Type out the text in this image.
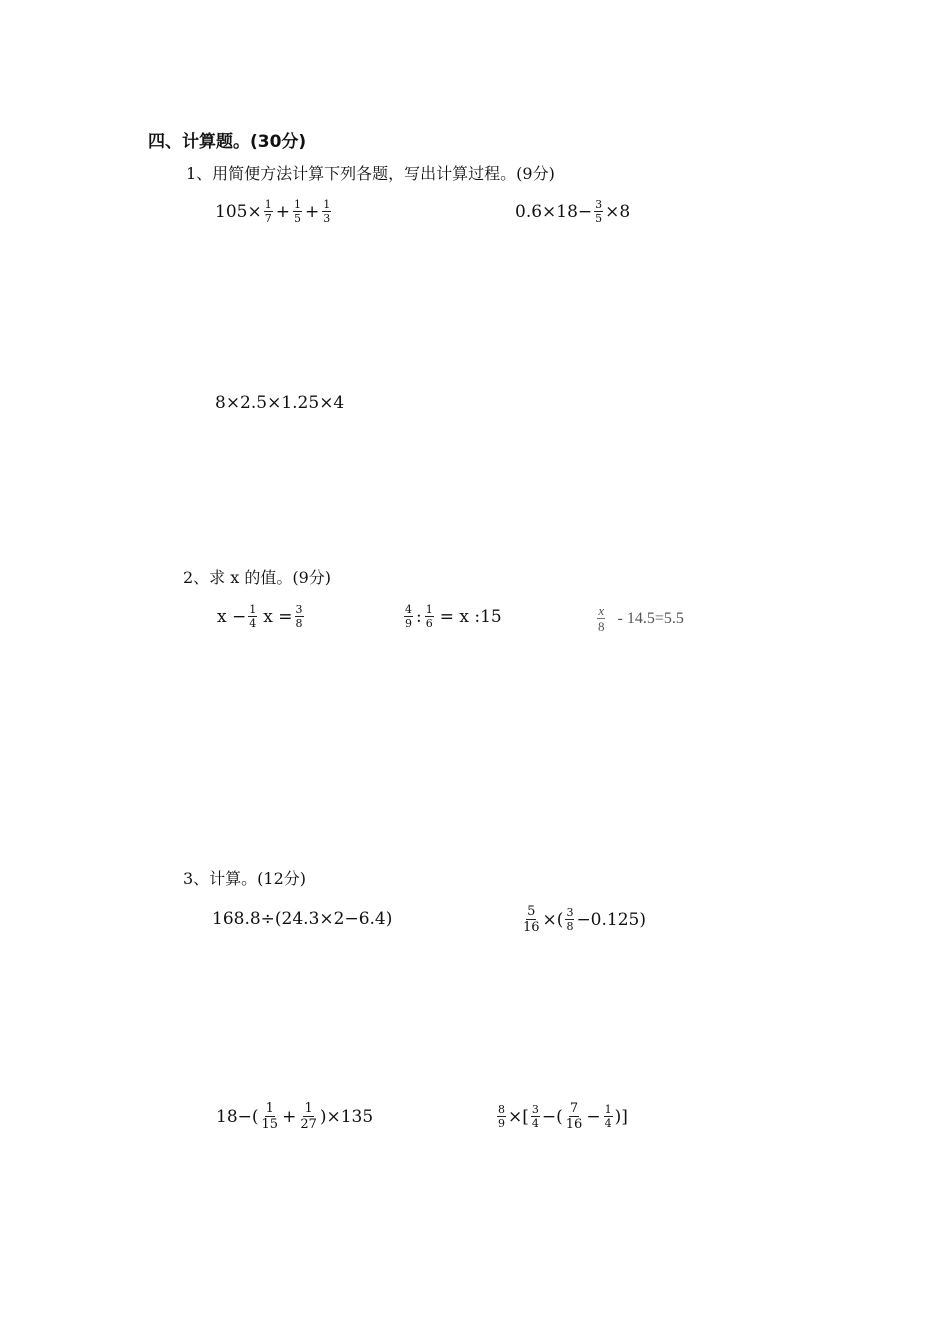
四、计算题。(30分)
1、用简便方法计算下列各题，写出计算过程。(9分)
$105\times \frac{1}{7} + \frac{1}{5} + \frac{1}{3}$	$0.6\times 18- \frac{3}{5} \times 8$
8×2.5×1.25×4
2、求 x 的值。(9分)
$x - \frac{1}{4}$ $x = \frac{3}{8}$	$\frac{4}{9}$ : $\frac{1}{6} = x$ :15	$\frac{x}{8} - 14.5=5.5$
3、计算。(12分)
168.8÷(24.3×2−6.4)	$\frac{5}{16}$ ×( $\frac{3}{8} -0.125$)
$18-( \frac{1}{15} + \frac{1}{27} )\times 135$	$\frac{8}{9}$ ×[ $\frac{3}{4}$ −( $\frac{7}{16} - \frac{1}{4}$ )]
